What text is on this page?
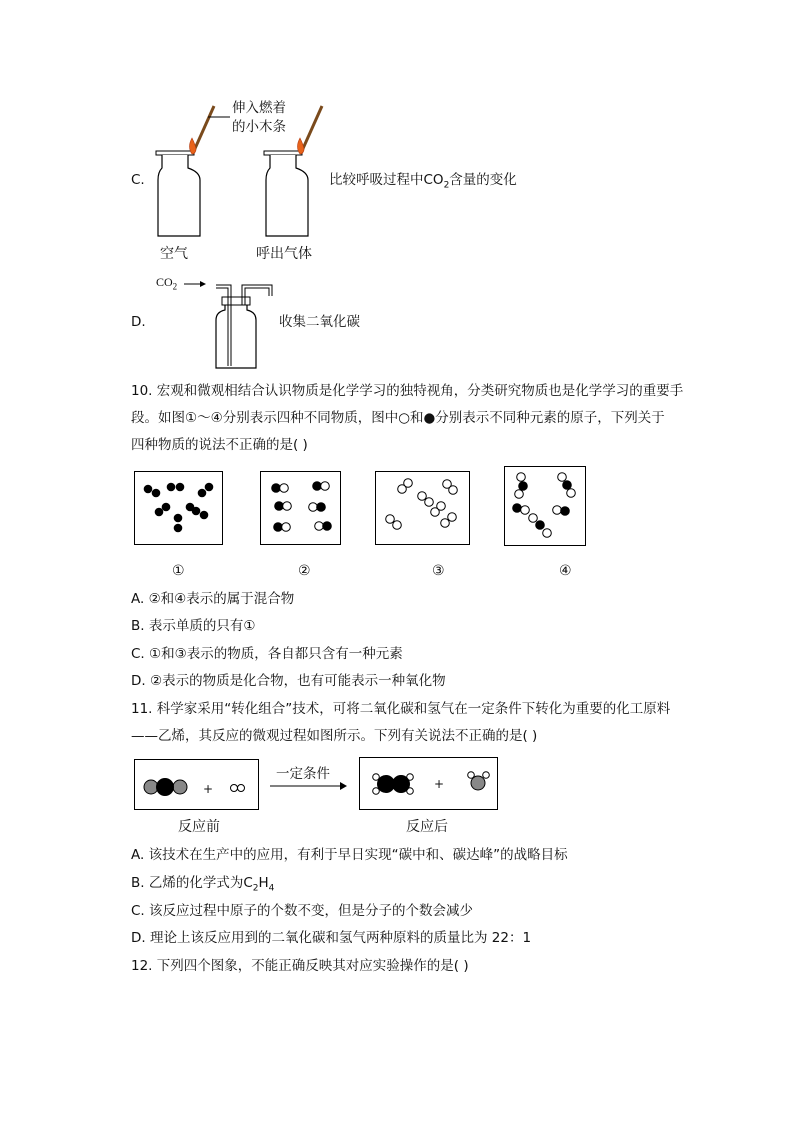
C.
伸入燃着
的小木条
空气	呼出气体
比较呼吸过程中$CO_2$含量的变化
D.
$CO_2$
收集二氧化碳
10. 宏观和微观相结合认识物质是化学学习的独特视角，分类研究物质也是化学学习的重要手
段。如图①～④分别表示四种不同物质，图中○和●分别表示不同种元素的原子，下列关于
四种物质的说法不正确的是( )
①	②	③	④
A. ②和④表示的属于混合物
B. 表示单质的只有①
C. ①和③表示的物质，各自都只含有一种元素
D. ②表示的物质是化合物，也有可能表示一种氧化物
11. 科学家采用“转化组合”技术，可将二氧化碳和氢气在一定条件下转化为重要的化工原料
——乙烯，其反应的微观过程如图所示。下列有关说法不正确的是( )
+
一定条件
+
反应前	反应后
A. 该技术在生产中的应用，有利于早日实现“碳中和、碳达峰”的战略目标
B. 乙烯的化学式为$C_2H_4$
C. 该反应过程中原子的个数不变，但是分子的个数会减少
D. 理论上该反应用到的二氧化碳和氢气两种原料的质量比为 22：1
12. 下列四个图象，不能正确反映其对应实验操作的是( )
